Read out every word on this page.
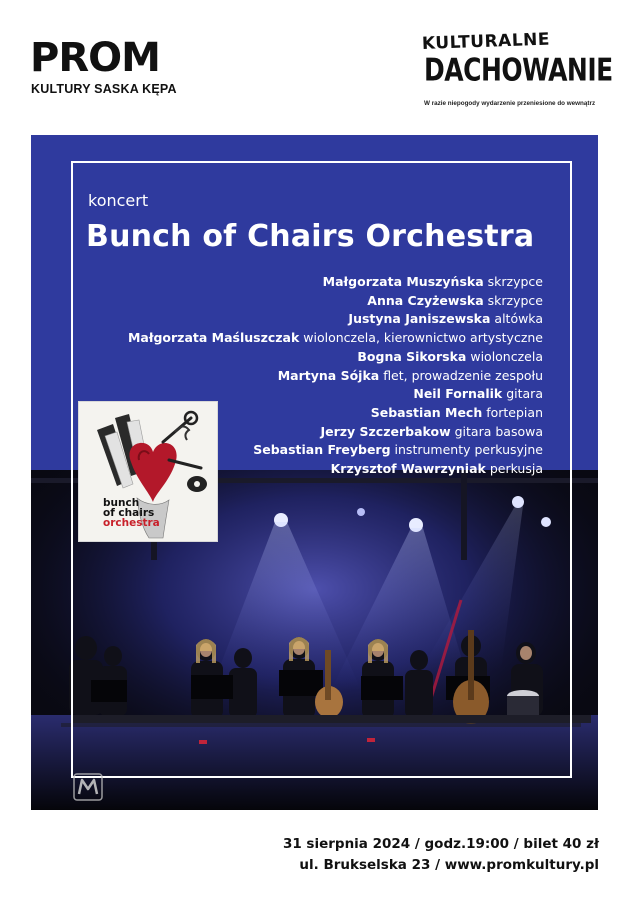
PROM
KULTURY SASKA KĘPA
KULTURALNE
DACHOWANIE
W razie niepogody wydarzenie przeniesione do wewnątrz
koncert
Bunch of Chairs Orchestra
Małgorzata Muszyńska skrzypce
Anna Czyżewska skrzypce
Justyna Janiszewska altówka
Małgorzata Maśluszczak wiolonczela, kierownictwo artystyczne
Bogna Sikorska wiolonczela
Martyna Sójka flet, prowadzenie zespołu
Neil Fornalik gitara
Sebastian Mech fortepian
Jerzy Szczerbakow gitara basowa
Sebastian Freyberg instrumenty perkusyjne
Krzysztof Wawrzyniak perkusja
bunch
of chairs
orchestra
31 sierpnia 2024 / godz.19:00 / bilet 40 zł
ul. Brukselska 23 / www.promkultury.pl
